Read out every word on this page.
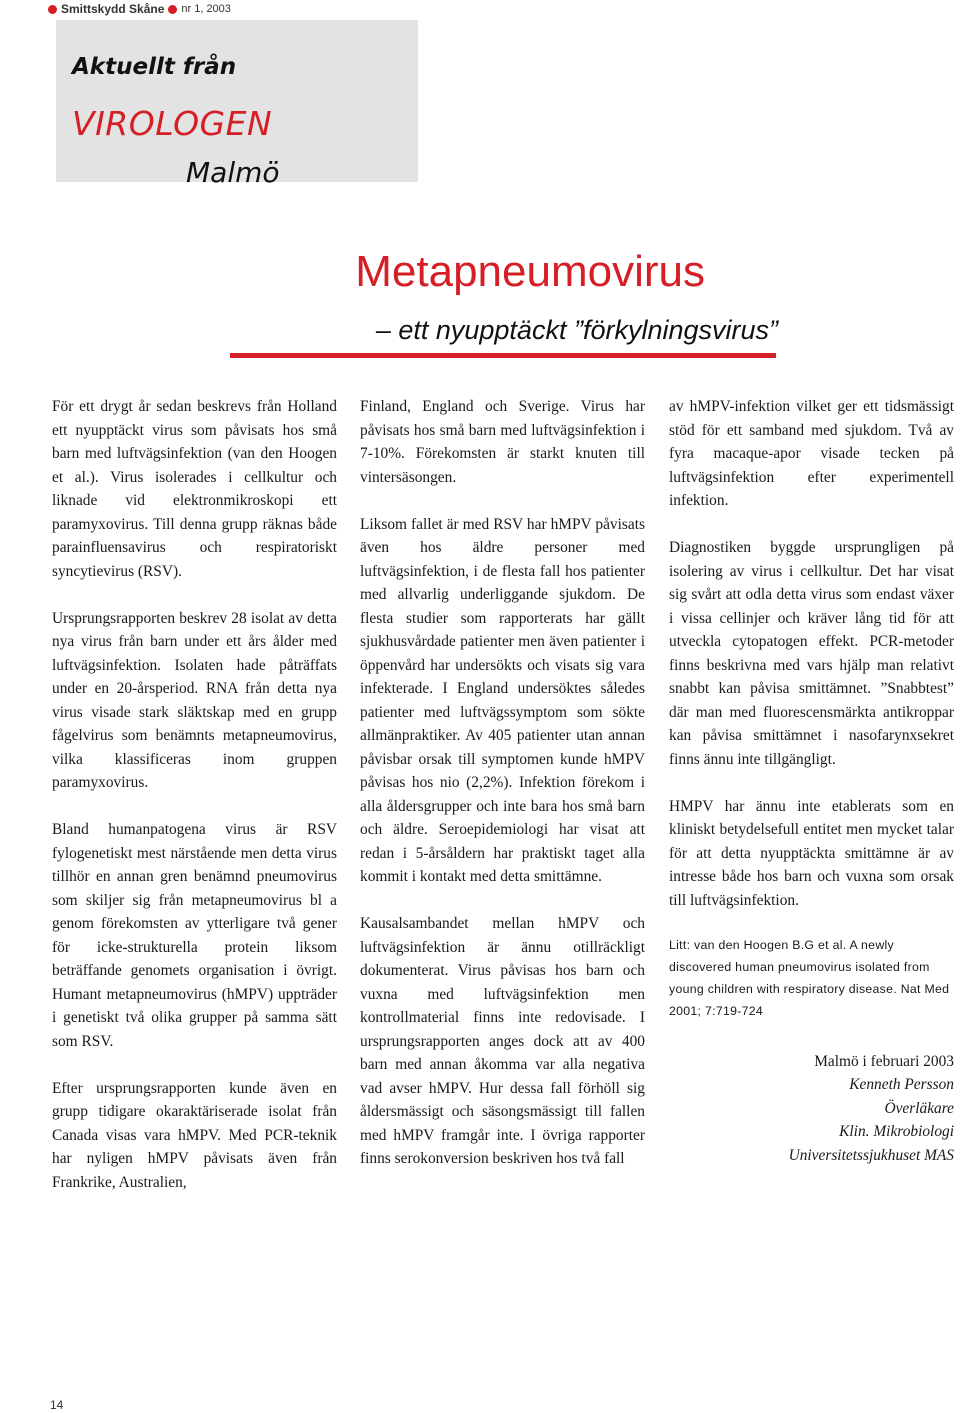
Smittskydd Skåne nr 1, 2003
Aktuellt från
VIROLOGEN
Malmö
Metapneumovirus
– ett nyupptäckt ”förkylningsvirus”

För ett drygt år sedan beskrevs från Holland ett nyupptäckt virus som påvisats hos små barn med luftvägsinfektion (van den Hoogen et al.). Virus isolerades i cellkultur och liknade vid elektronmikroskopi ett paramyxovirus. Till denna grupp räknas både parainfluensavirus och respiratoriskt syncytievirus (RSV).

Ursprungsrapporten beskrev 28 isolat av detta nya virus från barn under ett års ålder med luftvägsinfektion. Isolaten hade påträffats under en 20-årsperiod. RNA från detta nya virus visade stark släktskap med en grupp fågelvirus som benämnts metapneumovirus, vilka klassificeras inom gruppen paramyxovirus.

Bland humanpatogena virus är RSV fylogenetiskt mest närstående men detta virus tillhör en annan gren benämnd pneumovirus som skiljer sig från metapneumovirus bl a genom förekomsten av ytterligare två gener för icke-strukturella protein liksom beträffande genomets organisation i övrigt. Humant metapneumovirus (hMPV) uppträder i genetiskt två olika grupper på samma sätt som RSV.

Efter ursprungsrapporten kunde även en grupp tidigare okaraktäriserade isolat från Canada visas vara hMPV. Med PCR-teknik har nyligen hMPV påvisats även från Frankrike, Australien,

Finland, England och Sverige. Virus har påvisats hos små barn med luftvägsinfektion i 7-10%. Förekomsten är starkt knuten till vintersäsongen.

Liksom fallet är med RSV har hMPV påvisats även hos äldre personer med luftvägsinfektion, i de flesta fall hos patienter med allvarlig underliggande sjukdom. De flesta studier som rapporterats har gällt sjukhusvårdade patienter men även patienter i öppenvård har undersökts och visats sig vara infekterade. I England undersöktes således patienter med luftvägssymptom som sökte allmänpraktiker. Av 405 patienter utan annan påvisbar orsak till symptomen kunde hMPV påvisas hos nio (2,2%). Infektion förekom i alla åldersgrupper och inte bara hos små barn och äldre. Seroepidemiologi har visat att redan i 5-årsåldern har praktiskt taget alla kommit i kontakt med detta smittämne.

Kausalsambandet mellan hMPV och luftvägsinfektion är ännu otillräckligt dokumenterat. Virus påvisas hos barn och vuxna med luftvägsinfektion men kontrollmaterial finns inte redovisade. I ursprungsrapporten anges dock att av 400 barn med annan åkomma var alla negativa vad avser hMPV. Hur dessa fall förhöll sig åldersmässigt och säsongsmässigt till fallen med hMPV framgår inte. I övriga rapporter finns serokonversion beskriven hos två fall

av hMPV-infektion vilket ger ett tidsmässigt stöd för ett samband med sjukdom. Två av fyra macaque-apor visade tecken på luftvägsinfektion efter experimentell infektion.

Diagnostiken byggde ursprungligen på isolering av virus i cellkultur. Det har visat sig svårt att odla detta virus som endast växer i vissa cellinjer och kräver lång tid för att utveckla cytopatogen effekt. PCR-metoder finns beskrivna med vars hjälp man relativt snabbt kan påvisa smittämnet. ”Snabbtest” där man med fluorescensmärkta antikroppar kan påvisa smittämnet i nasofarynxsekret finns ännu inte tillgängligt.

HMPV har ännu inte etablerats som en kliniskt betydelsefull entitet men mycket talar för att detta nyupptäckta smittämne är av intresse både hos barn och vuxna som orsak till luftvägsinfektion.

Litt: van den Hoogen B.G et al. A newly discovered human pneumovirus isolated from young children with respiratory disease. Nat Med 2001; 7:719-724
Malmö i februari 2003
Kenneth Persson
Överläkare
Klin. Mikrobiologi
Universitetssjukhuset MAS
14
